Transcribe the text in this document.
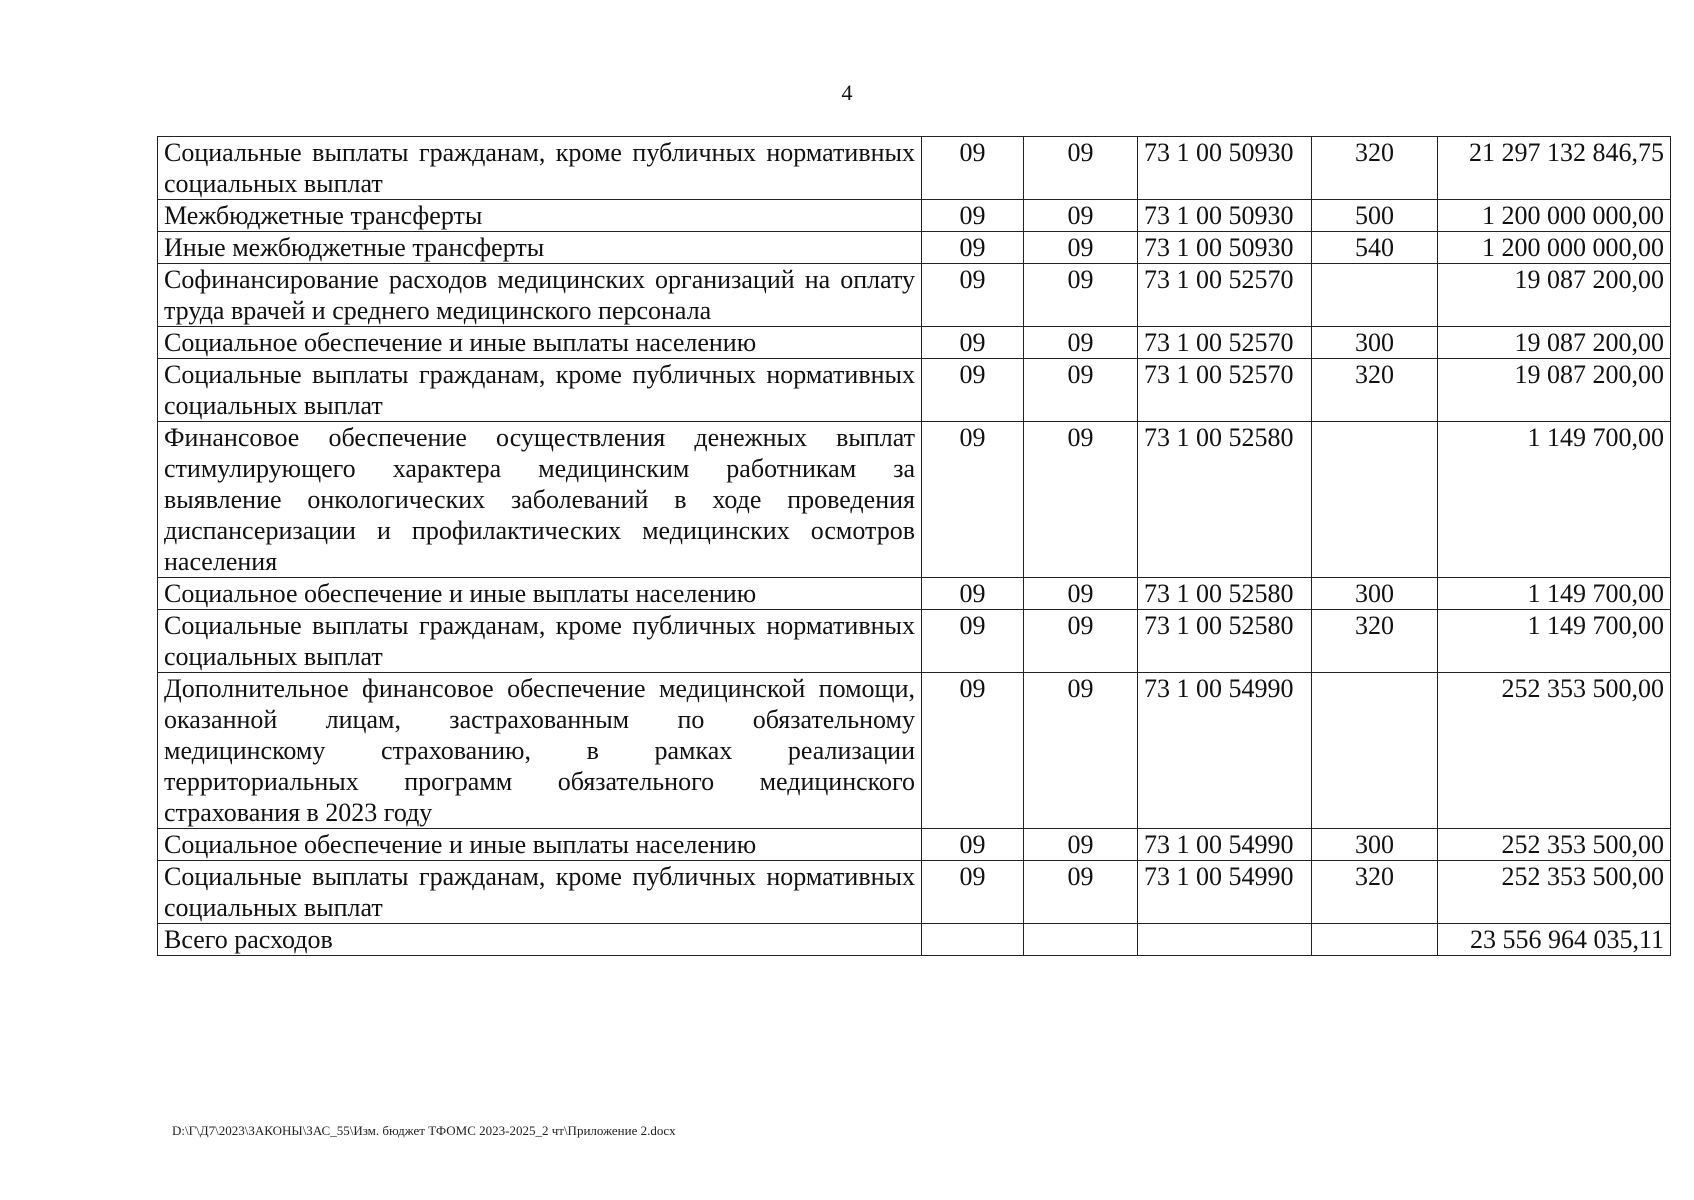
4
Социальные выплаты гражданам, кроме публичных нормативных социальных выплат	09	09	73 1 00 50930	320	21 297 132 846,75
Межбюджетные трансферты	09	09	73 1 00 50930	500	1 200 000 000,00
Иные межбюджетные трансферты	09	09	73 1 00 50930	540	1 200 000 000,00
Софинансирование расходов медицинских организаций на оплату труда врачей и среднего медицинского персонала	09	09	73 1 00 52570		19 087 200,00
Социальное обеспечение и иные выплаты населению	09	09	73 1 00 52570	300	19 087 200,00
Социальные выплаты гражданам, кроме публичных нормативных социальных выплат	09	09	73 1 00 52570	320	19 087 200,00
Финансовое обеспечение осуществления денежных выплат стимулирующего характера медицинским работникам за выявление онкологических заболеваний в ходе проведения диспансеризации и профилактических медицинских осмотров населения	09	09	73 1 00 52580		1 149 700,00
Социальное обеспечение и иные выплаты населению	09	09	73 1 00 52580	300	1 149 700,00
Социальные выплаты гражданам, кроме публичных нормативных социальных выплат	09	09	73 1 00 52580	320	1 149 700,00
Дополнительное финансовое обеспечение медицинской помощи, оказанной лицам, застрахованным по обязательному медицинскому страхованию, в рамках реализации территориальных программ обязательного медицинского страхования в 2023 году	09	09	73 1 00 54990		252 353 500,00
Социальное обеспечение и иные выплаты населению	09	09	73 1 00 54990	300	252 353 500,00
Социальные выплаты гражданам, кроме публичных нормативных социальных выплат	09	09	73 1 00 54990	320	252 353 500,00
Всего расходов					23 556 964 035,11
D:\Г\Д7\2023\ЗАКОНЫ\ЗАС_55\Изм. бюджет ТФОМС 2023-2025_2 чт\Приложение 2.docx
